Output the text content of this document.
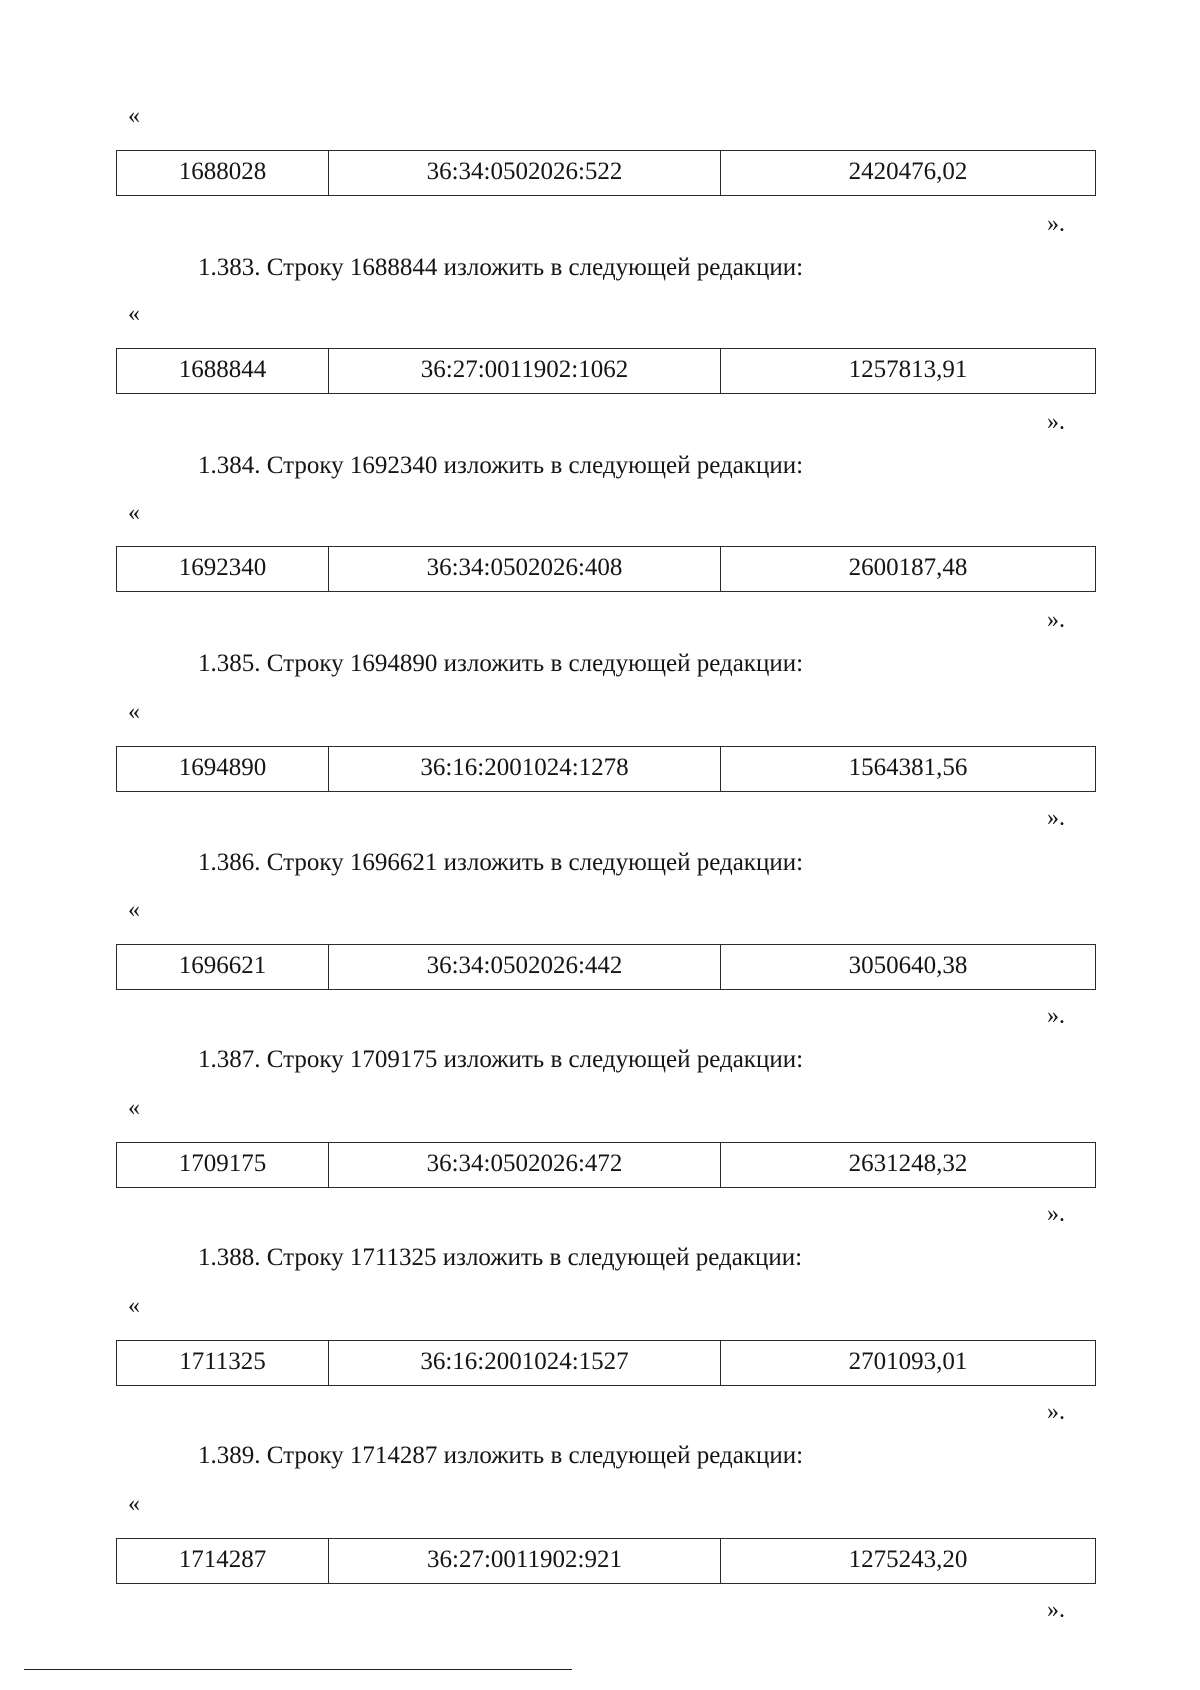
«
1688028	36:34:0502026:522	2420476,02
».
1.383. Строку 1688844 изложить в следующей редакции:
«
1688844	36:27:0011902:1062	1257813,91
».
1.384. Строку 1692340 изложить в следующей редакции:
«
1692340	36:34:0502026:408	2600187,48
».
1.385. Строку 1694890 изложить в следующей редакции:
«
1694890	36:16:2001024:1278	1564381,56
».
1.386. Строку 1696621 изложить в следующей редакции:
«
1696621	36:34:0502026:442	3050640,38
».
1.387. Строку 1709175 изложить в следующей редакции:
«
1709175	36:34:0502026:472	2631248,32
».
1.388. Строку 1711325 изложить в следующей редакции:
«
1711325	36:16:2001024:1527	2701093,01
».
1.389. Строку 1714287 изложить в следующей редакции:
«
1714287	36:27:0011902:921	1275243,20
».
